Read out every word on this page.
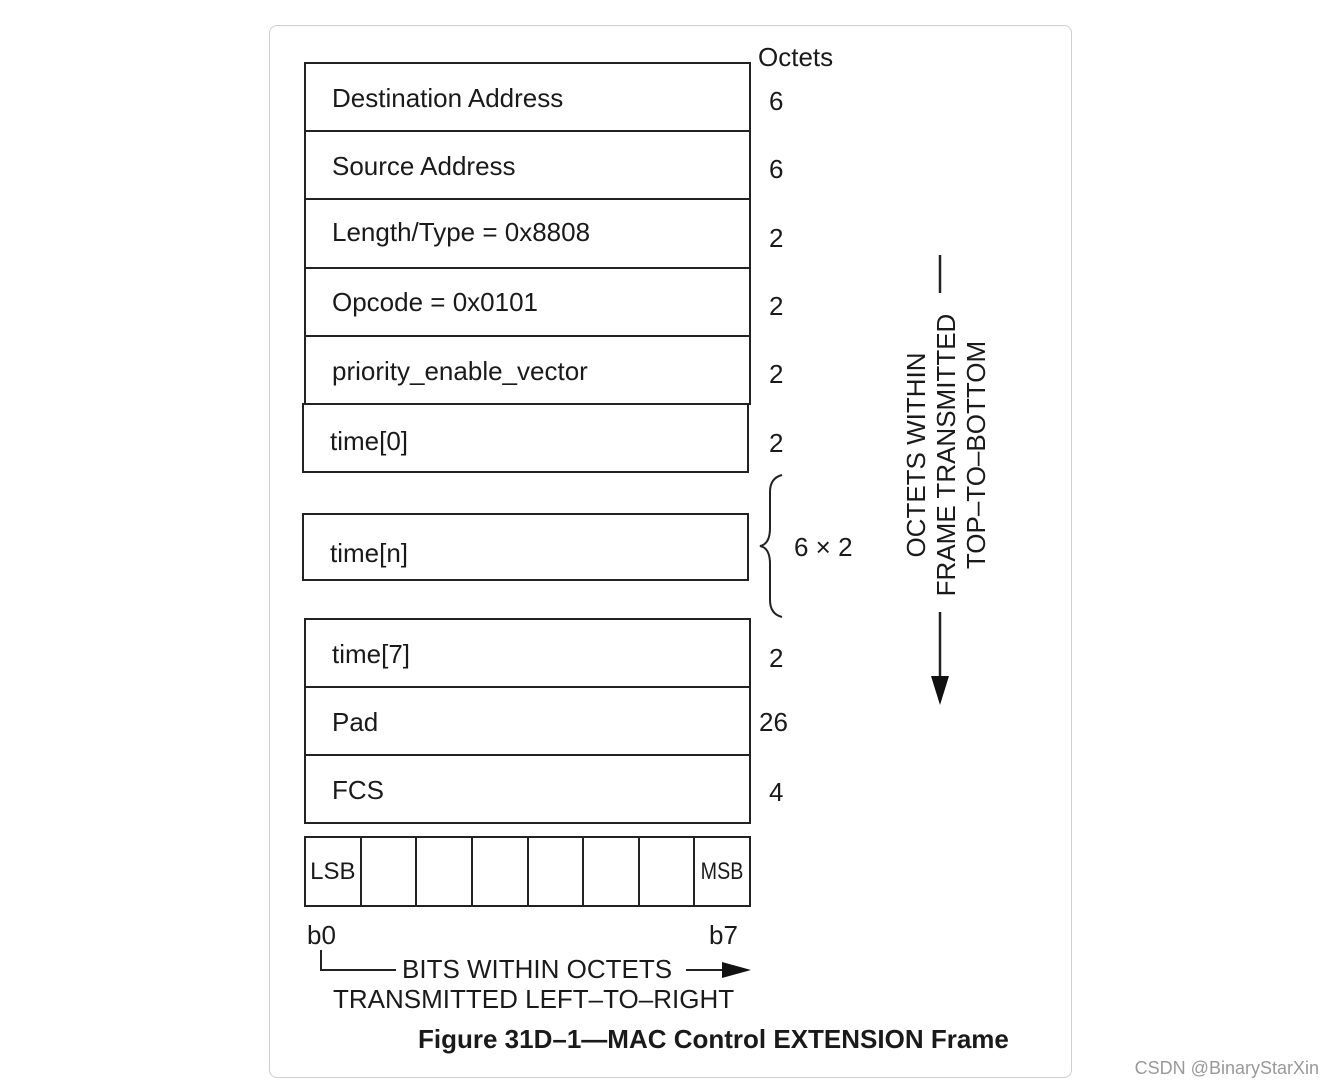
Octets
Destination Address
Source Address
Length/Type = 0x8808
Opcode = 0x0101
priority_enable_vector
time[0]
time[n]
time[7]
Pad
FCS
6
6
2
2
2
2
6 × 2
2
26
4
LSB	MSB
b0	b7
BITS WITHIN OCTETS
TRANSMITTED LEFT–TO–RIGHT
OCTETS WITHIN FRAME TRANSMITTED TOP–TO–BOTTOM
Figure 31D–1—MAC Control EXTENSION Frame
CSDN @BinaryStarXin
